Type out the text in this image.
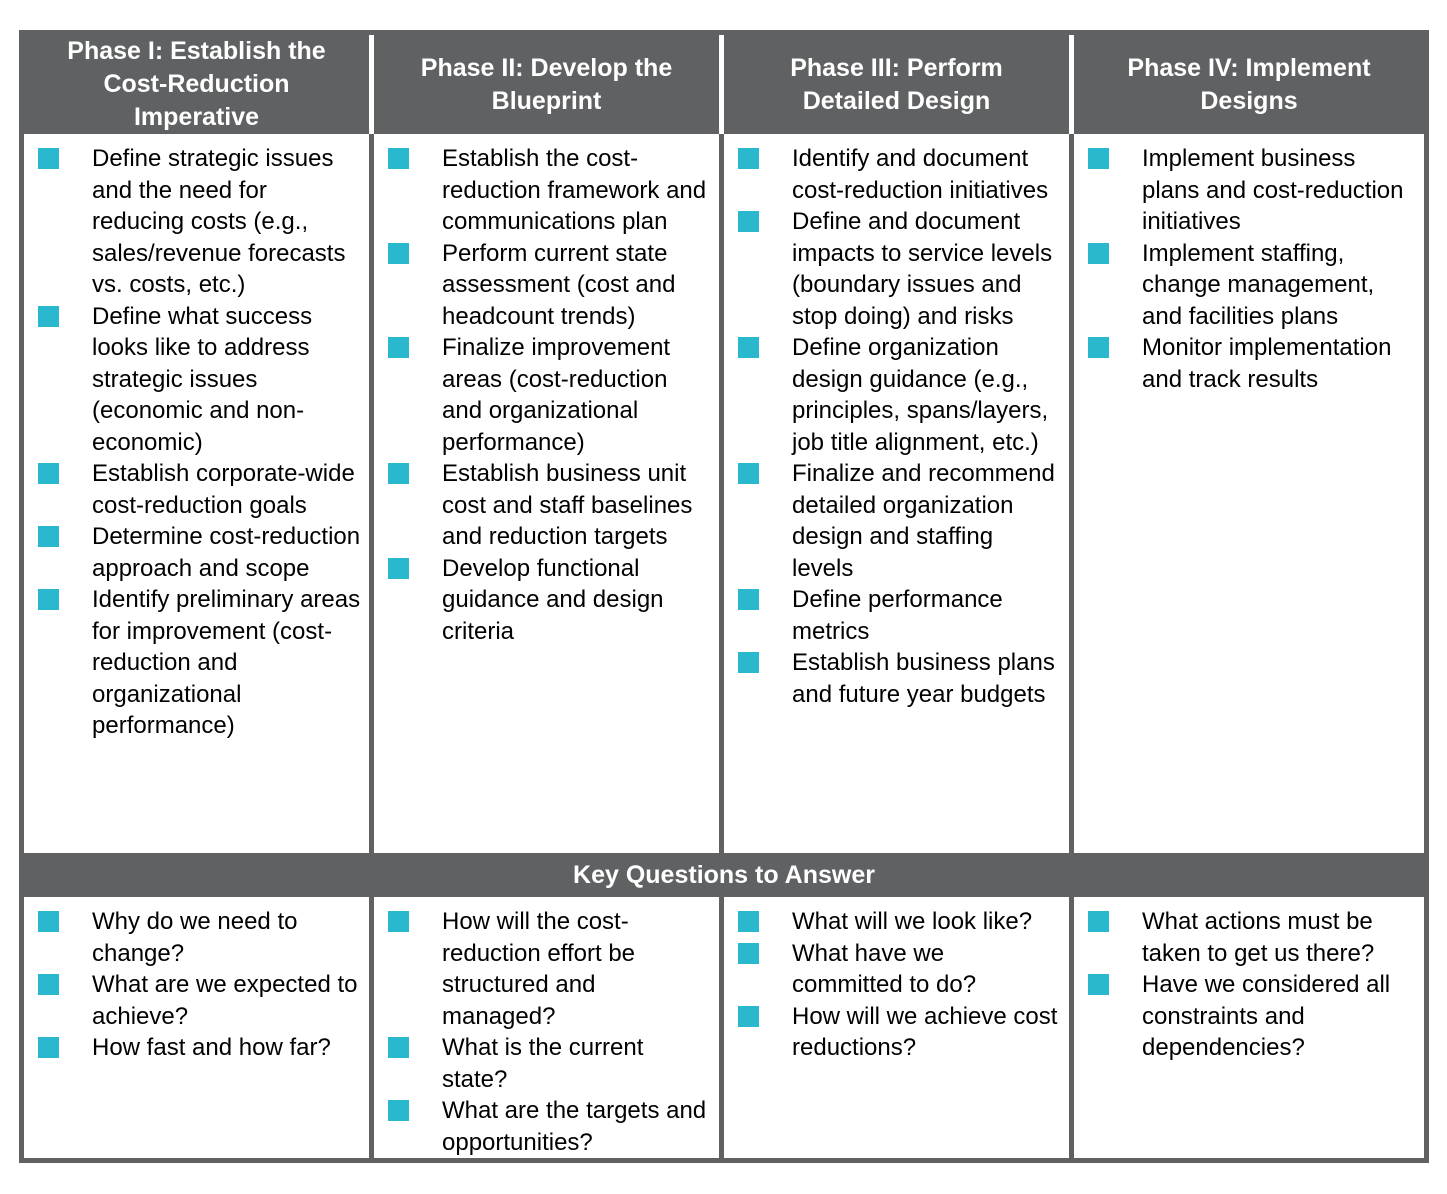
Phase I: Establish the Cost-Reduction Imperative
Phase II: Develop the Blueprint
Phase III: Perform Detailed Design
Phase IV: Implement Designs
Define strategic issues and the need for reducing costs (e.g., sales/revenue forecasts vs. costs, etc.)
Define what success looks like to address strategic issues (economic and non-economic)
Establish corporate-wide cost-reduction goals
Determine cost-reduction approach and scope
Identify preliminary areas for improvement (cost-reduction and organizational performance)
Establish the cost-reduction framework and communications plan
Perform current state assessment (cost and headcount trends)
Finalize improvement areas (cost-reduction and organizational performance)
Establish business unit cost and staff baselines and reduction targets
Develop functional guidance and design criteria
Identify and document cost-reduction initiatives
Define and document impacts to service levels (boundary issues and stop doing) and risks
Define organization design guidance (e.g., principles, spans/layers, job title alignment, etc.)
Finalize and recommend detailed organization design and staffing levels
Define performance metrics
Establish business plans and future year budgets
Implement business plans and cost-reduction initiatives
Implement staffing, change management, and facilities plans
Monitor implementation and track results
Key Questions to Answer
Why do we need to change?
What are we expected to achieve?
How fast and how far?
How will the cost-reduction effort be structured and managed?
What is the current state?
What are the targets and opportunities?
What will we look like?
What have we committed to do?
How will we achieve cost reductions?
What actions must be taken to get us there?
Have we considered all constraints and dependencies?
